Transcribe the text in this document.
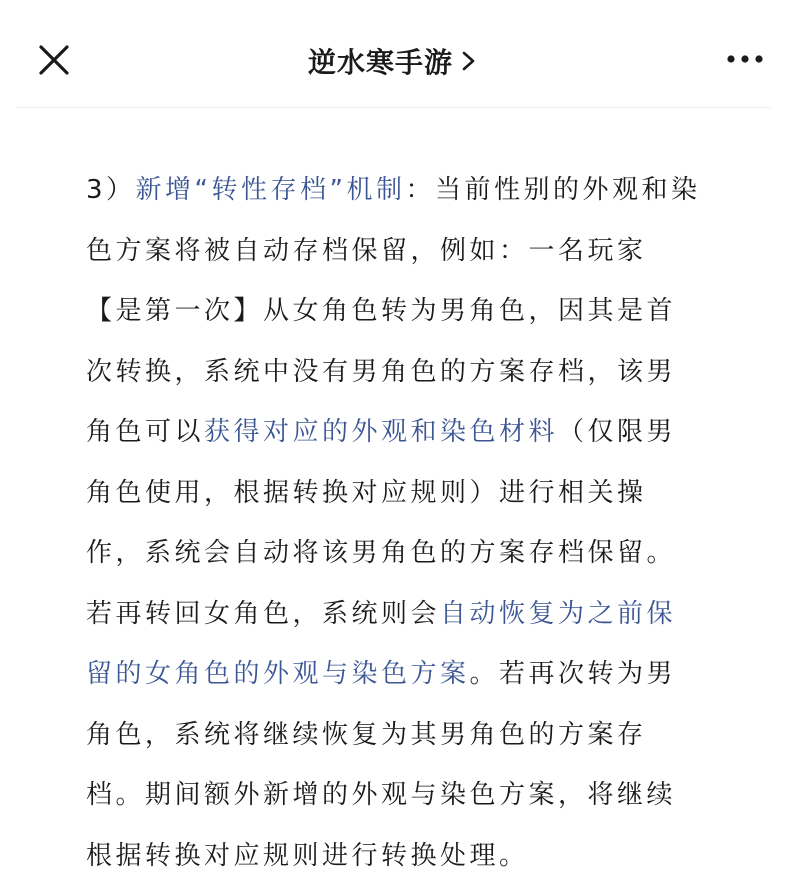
逆水寒手游
3）新增“转性存档”机制：当前性别的外观和染
色方案将被自动存档保留，例如：一名玩家
【是第一次】从女角色转为男角色，因其是首
次转换，系统中没有男角色的方案存档，该男
角色可以获得对应的外观和染色材料（仅限男
角色使用，根据转换对应规则）进行相关操
作，系统会自动将该男角色的方案存档保留。
若再转回女角色，系统则会自动恢复为之前保
留的女角色的外观与染色方案。若再次转为男
角色，系统将继续恢复为其男角色的方案存
档。期间额外新增的外观与染色方案，将继续
根据转换对应规则进行转换处理。
